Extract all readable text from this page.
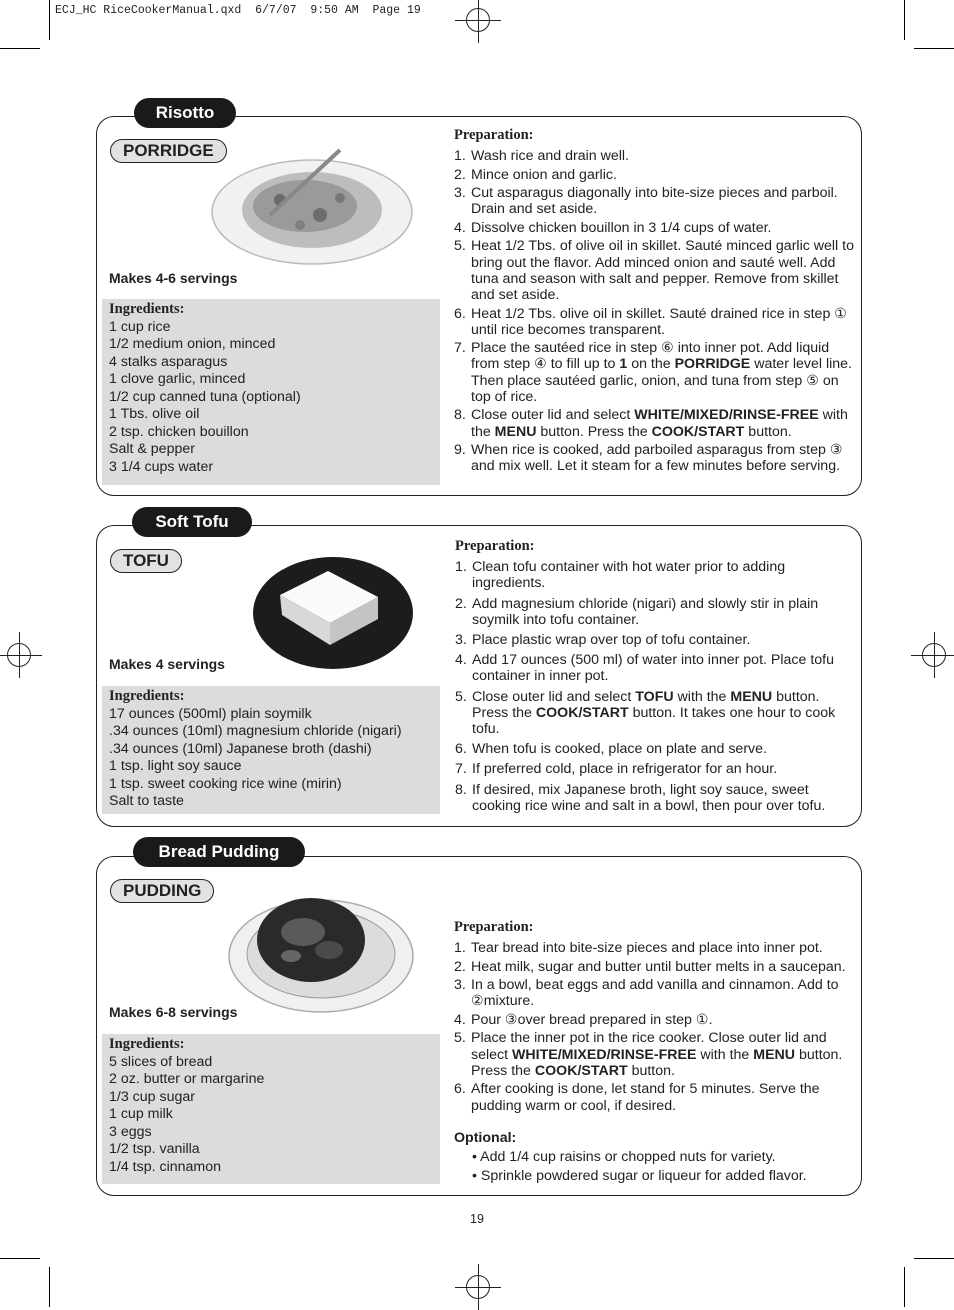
ECJ_HC RiceCookerManual.qxd  6/7/07  9:50 AM  Page 19
Risotto
PORRIDGE
Makes 4-6 servings
Ingredients:
1 cup rice
1/2 medium onion, minced
4 stalks asparagus
1 clove garlic, minced
1/2 cup canned tuna (optional)
1 Tbs. olive oil
2 tsp. chicken bouillon
Salt & pepper
3 1/4 cups water
Preparation:
1. Wash rice and drain well.
2. Mince onion and garlic.
3. Cut asparagus diagonally into bite-size pieces and parboil. Drain and set aside.
4. Dissolve chicken bouillon in 3 1/4 cups of water.
5. Heat 1/2 Tbs. of olive oil in skillet. Sauté minced garlic well to bring out the flavor. Add minced onion and sauté well. Add tuna and season with salt and pepper. Remove from skillet and set aside.
6. Heat 1/2 Tbs. olive oil in skillet. Sauté drained rice in step ① until rice becomes transparent.
7. Place the sautéed rice in step ⑥ into inner pot. Add liquid from step ④ to fill up to 1 on the PORRIDGE water level line. Then place sautéed garlic, onion, and tuna from step ⑤ on top of rice.
8. Close outer lid and select WHITE/MIXED/RINSE-FREE with the MENU button. Press the COOK/START button.
9. When rice is cooked, add parboiled asparagus from step ③ and mix well. Let it steam for a few minutes before serving.
Soft Tofu
TOFU
Makes 4 servings
Ingredients:
17 ounces (500ml) plain soymilk
.34 ounces (10ml) magnesium chloride (nigari)
.34 ounces (10ml) Japanese broth (dashi)
1 tsp. light soy sauce
1 tsp. sweet cooking rice wine (mirin)
Salt to taste
Preparation:
1. Clean tofu container with hot water prior to adding ingredients.
2. Add magnesium chloride (nigari) and slowly stir in plain soymilk into tofu container.
3. Place plastic wrap over top of tofu container.
4. Add 17 ounces (500 ml) of water into inner pot. Place tofu container in inner pot.
5. Close outer lid and select TOFU with the MENU button. Press the COOK/START button. It takes one hour to cook tofu.
6. When tofu is cooked, place on plate and serve.
7. If preferred cold, place in refrigerator for an hour.
8. If desired, mix Japanese broth, light soy sauce, sweet cooking rice wine and salt in a bowl, then pour over tofu.
Bread Pudding
PUDDING
Makes 6-8 servings
Ingredients:
5 slices of bread
2 oz. butter or margarine
1/3 cup sugar
1 cup milk
3 eggs
1/2 tsp. vanilla
1/4 tsp. cinnamon
Preparation:
1. Tear bread into bite-size pieces and place into inner pot.
2. Heat milk, sugar and butter until butter melts in a saucepan.
3. In a bowl, beat eggs and add vanilla and cinnamon. Add to ②mixture.
4. Pour ③over bread prepared in step ①.
5. Place the inner pot in the rice cooker. Close outer lid and select WHITE/MIXED/RINSE-FREE with the MENU button. Press the COOK/START button.
6. After cooking is done, let stand for 5 minutes. Serve the pudding warm or cool, if desired.
Optional:
• Add 1/4 cup raisins or chopped nuts for variety.
• Sprinkle powdered sugar or liqueur for added flavor.
19
